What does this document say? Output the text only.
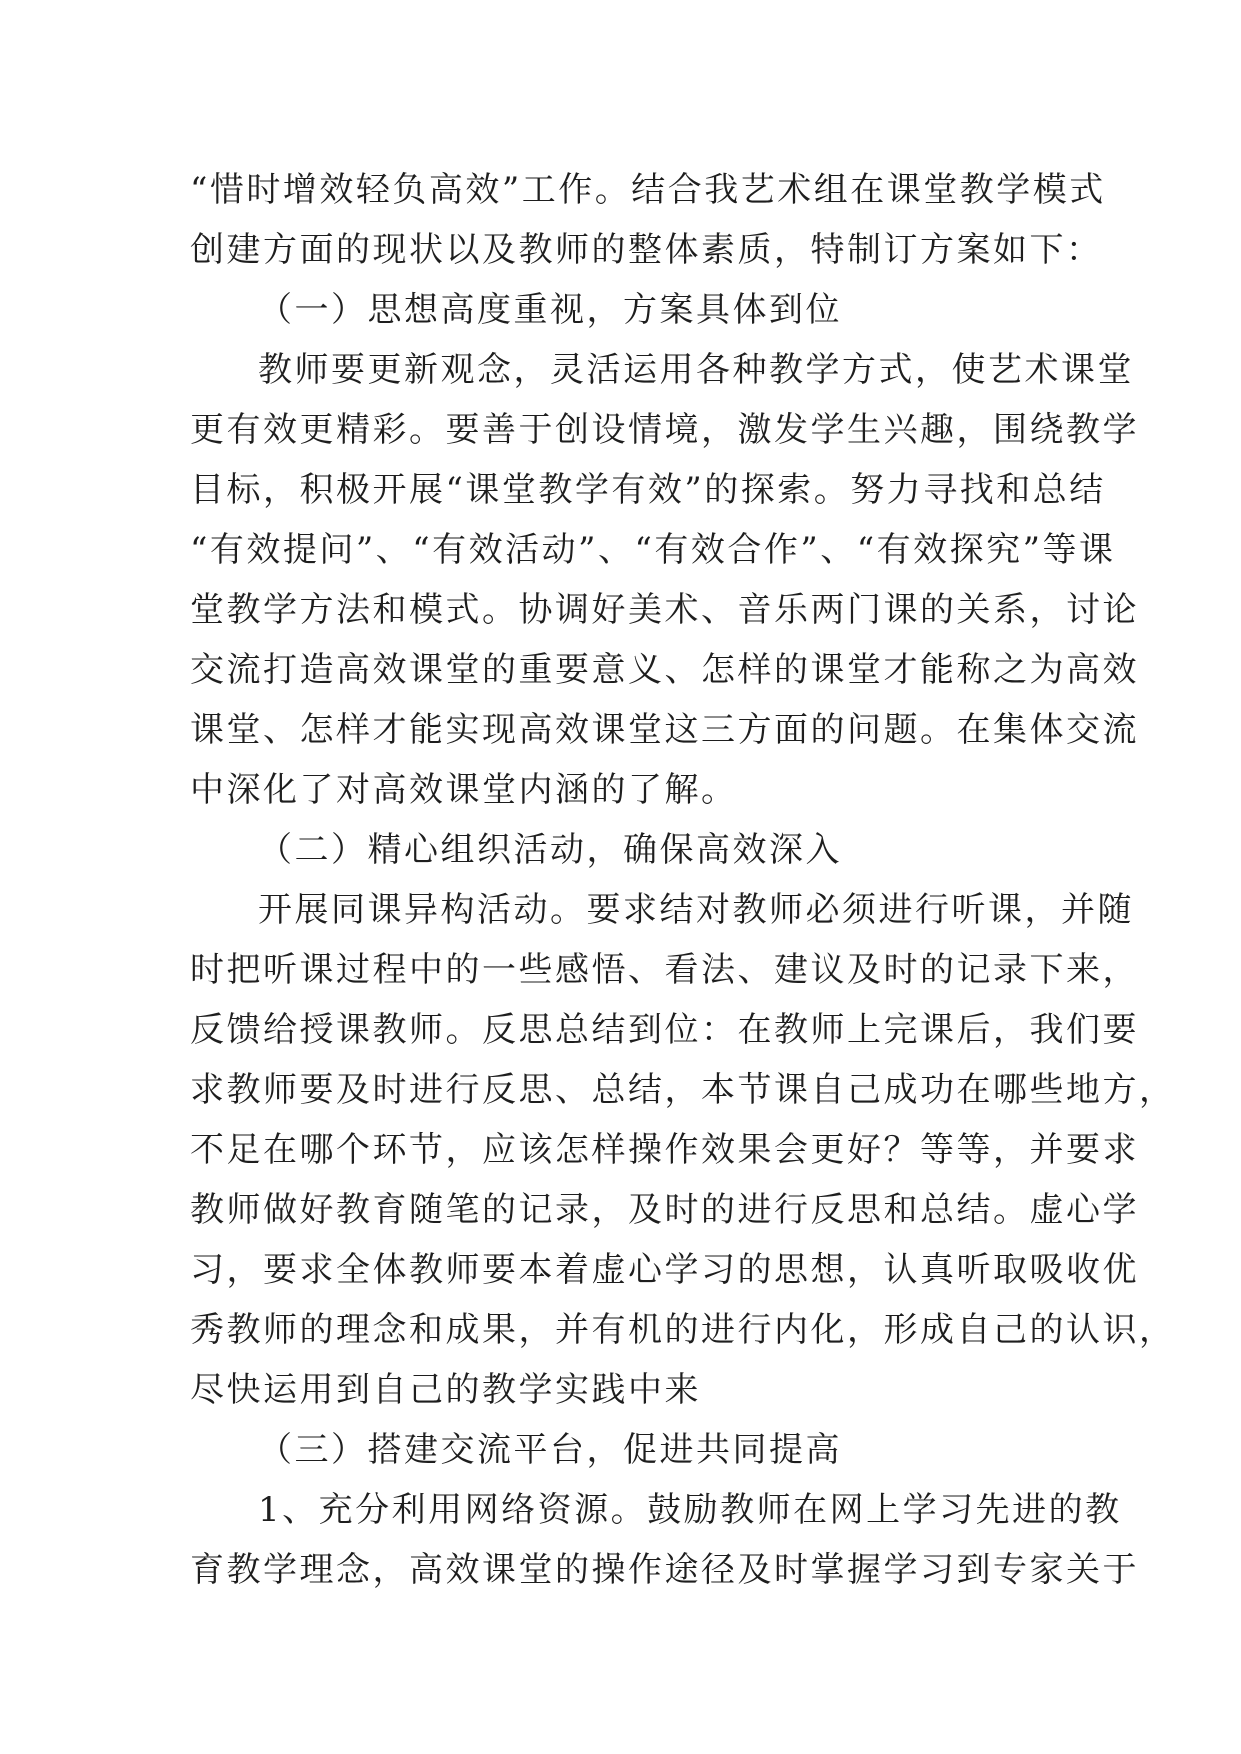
“惜时增效轻负高效”工作。结合我艺术组在课堂教学模式
创建方面的现状以及教师的整体素质，特制订方案如下：
（一）思想高度重视，方案具体到位
教师要更新观念，灵活运用各种教学方式，使艺术课堂
更有效更精彩。要善于创设情境，激发学生兴趣，围绕教学
目标，积极开展“课堂教学有效”的探索。努力寻找和总结
“有效提问”、“有效活动”、“有效合作”、“有效探究”等课
堂教学方法和模式。协调好美术、音乐两门课的关系，讨论
交流打造高效课堂的重要意义、怎样的课堂才能称之为高效
课堂、怎样才能实现高效课堂这三方面的问题。在集体交流
中深化了对高效课堂内涵的了解。
（二）精心组织活动，确保高效深入
开展同课异构活动。要求结对教师必须进行听课，并随
时把听课过程中的一些感悟、看法、建议及时的记录下来，
反馈给授课教师。反思总结到位：在教师上完课后，我们要
求教师要及时进行反思、总结，本节课自己成功在哪些地方，
不足在哪个环节，应该怎样操作效果会更好？等等，并要求
教师做好教育随笔的记录，及时的进行反思和总结。虚心学
习，要求全体教师要本着虚心学习的思想，认真听取吸收优
秀教师的理念和成果，并有机的进行内化，形成自己的认识，
尽快运用到自己的教学实践中来
（三）搭建交流平台，促进共同提高
1、充分利用网络资源。鼓励教师在网上学习先进的教
育教学理念，高效课堂的操作途径及时掌握学习到专家关于
